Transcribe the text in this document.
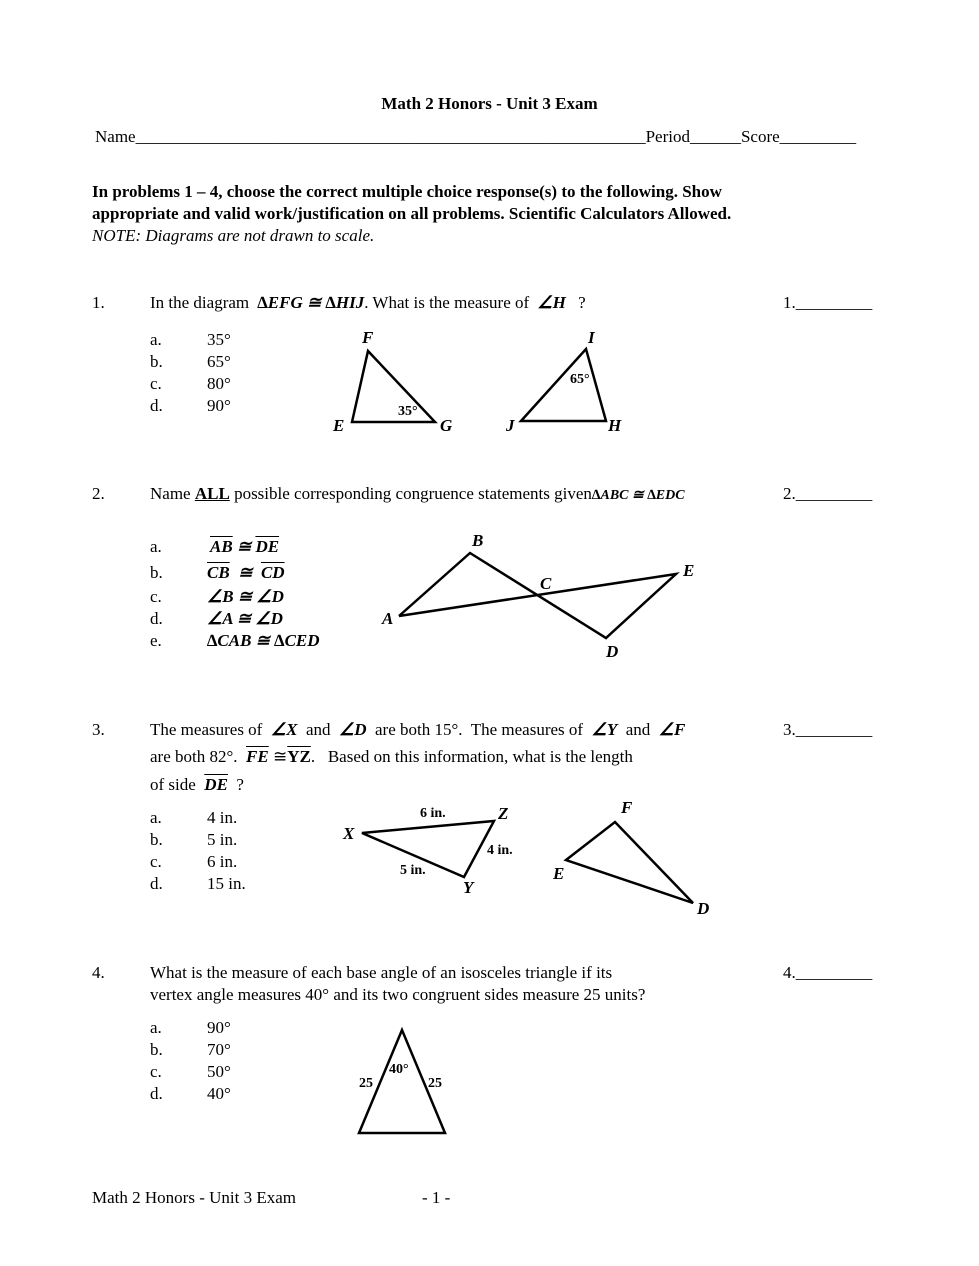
Math 2 Honors - Unit 3 Exam
Name____________________________________________________________Period______Score_________
In problems 1 – 4, choose the correct multiple choice response(s) to the following. Show
appropriate and valid work/justification on all problems. Scientific Calculators Allowed.
NOTE: Diagrams are not drawn to scale.
1.	In the diagram ∆EFG ≅ ∆HIJ. What is the measure of ∠H ?	1._________
a.	35°
b.	65°
c.	80°
d.	90°
F
E	G
35°
I
J	H
65°
2.	Name ALL possible corresponding congruence statements given∆ABC ≅ ∆EDC	2._________
a.	$\overline{AB}$ ≅ $\overline{DE}$
b.	$\overline{CB}$  ≅  $\overline{CD}$
c.	∠B ≅ ∠D
d.	∠A ≅ ∠D
e.	∆CAB ≅ ∆CED
B
C
E
A
D
3.	The measures of ∠X and ∠D are both 15°.  The measures of ∠Y and ∠F	3._________
are both 82°. $\overline{FE}$ $≅\overline{YZ}$.   Based on this information, what is the length
of side $\overline{DE}$ ?
a.	4 in.
b.	5 in.
c.	6 in.
d.	15 in.
X
Z
Y
6 in.
4 in.
5 in.
F
E
D
4.	What is the measure of each base angle of an isosceles triangle if its
vertex angle measures 40° and its two congruent sides measure 25 units?
4._________
a.	90°
b.	70°
c.	50°
d.	40°
40°
25	25
Math 2 Honors - Unit 3 Exam	- 1 -
